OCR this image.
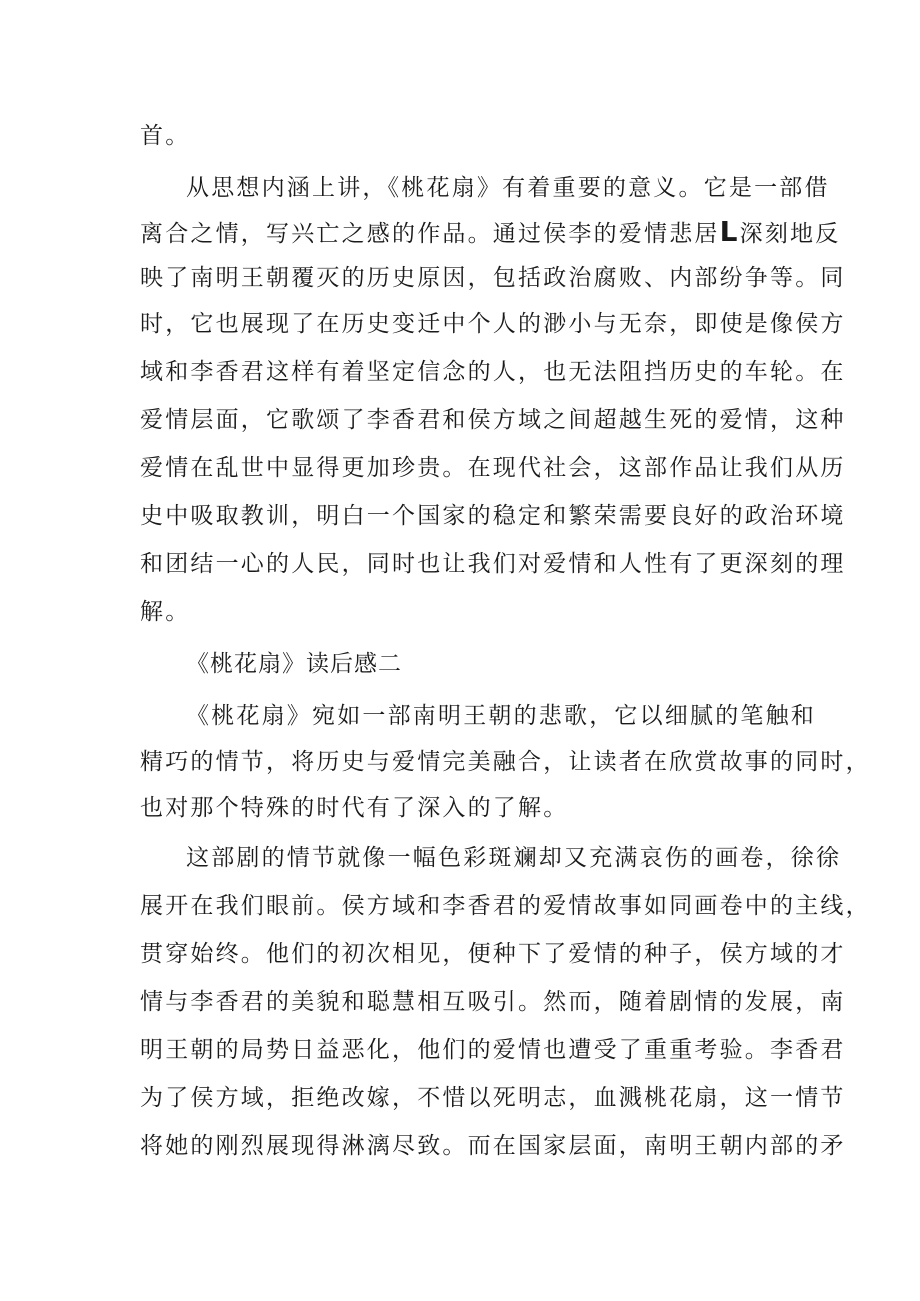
首。
从思想内涵上讲，《桃花扇》有着重要的意义。它是一部借
离合之情，写兴亡之感的作品。通过侯李的爱情悲居L深刻地反
映了南明王朝覆灭的历史原因，包括政治腐败、内部纷争等。同
时，它也展现了在历史变迁中个人的渺小与无奈，即使是像侯方
域和李香君这样有着坚定信念的人，也无法阻挡历史的车轮。在
爱情层面，它歌颂了李香君和侯方域之间超越生死的爱情，这种
爱情在乱世中显得更加珍贵。在现代社会，这部作品让我们从历
史中吸取教训，明白一个国家的稳定和繁荣需要良好的政治环境
和团结一心的人民，同时也让我们对爱情和人性有了更深刻的理
解。
《桃花扇》读后感二
《桃花扇》宛如一部南明王朝的悲歌，它以细腻的笔触和
精巧的情节，将历史与爱情完美融合，让读者在欣赏故事的同时，
也对那个特殊的时代有了深入的了解。
这部剧的情节就像一幅色彩斑斓却又充满哀伤的画卷，徐徐
展开在我们眼前。侯方域和李香君的爱情故事如同画卷中的主线，
贯穿始终。他们的初次相见，便种下了爱情的种子，侯方域的才
情与李香君的美貌和聪慧相互吸引。然而，随着剧情的发展，南
明王朝的局势日益恶化，他们的爱情也遭受了重重考验。李香君
为了侯方域，拒绝改嫁，不惜以死明志，血溅桃花扇，这一情节
将她的刚烈展现得淋漓尽致。而在国家层面，南明王朝内部的矛
